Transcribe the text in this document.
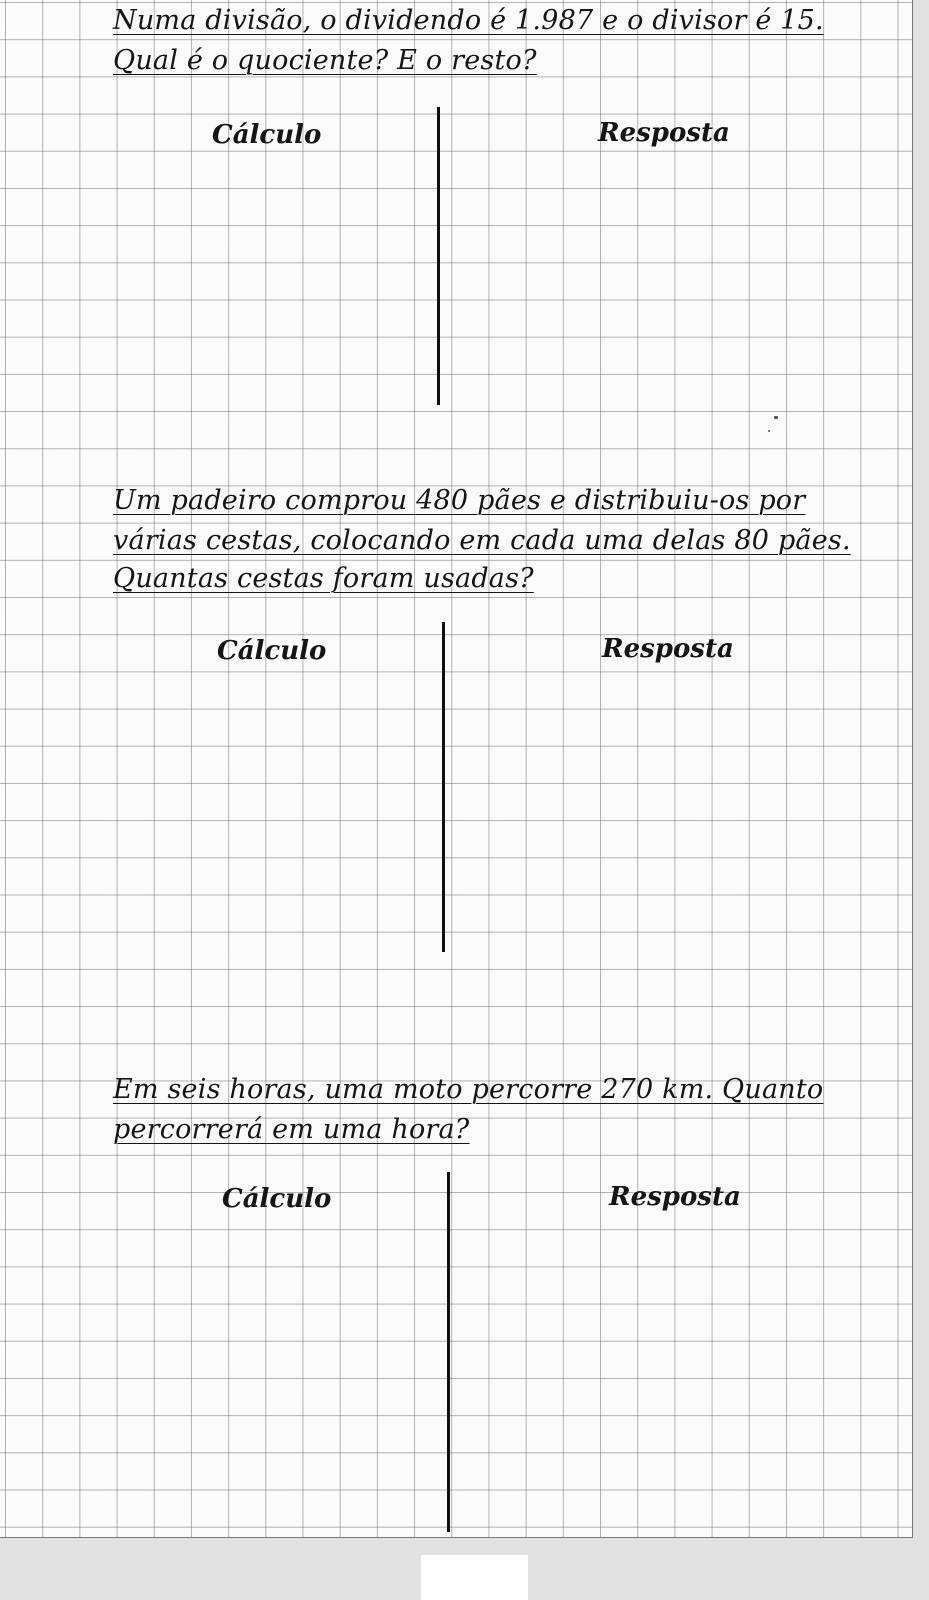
Numa divisão, o dividendo é 1.987 e o divisor é 15.

Qual é o quociente? E o resto?

Cálculo	Resposta

Um padeiro comprou 480 pães e distribuiu-os por

várias cestas, colocando em cada uma delas 80 pães.

Quantas cestas foram usadas?

Cálculo	Resposta

Em seis horas, uma moto percorre 270 km. Quanto

percorrerá em uma hora?

Cálculo	Resposta
